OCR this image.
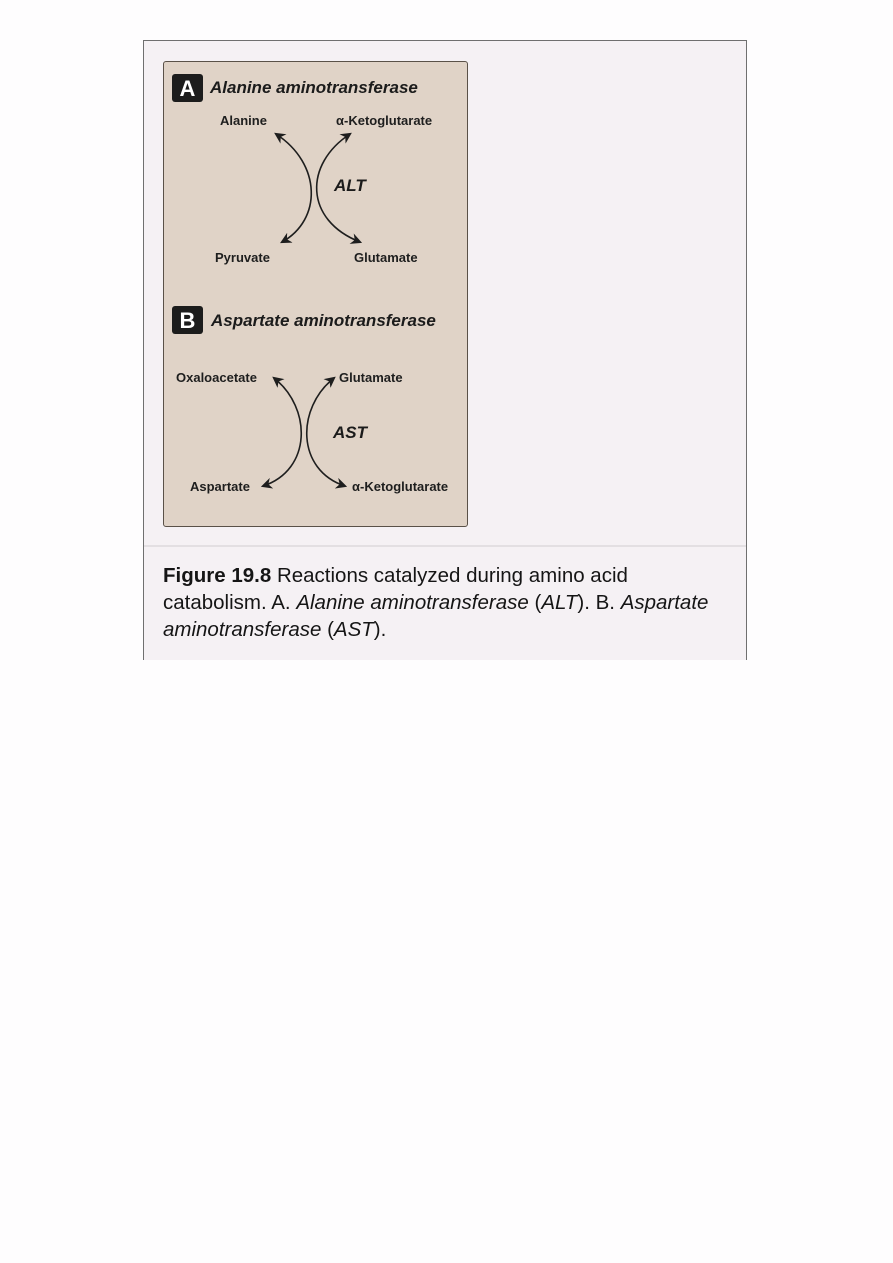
A Alanine aminotransferase
Alanine	α-Ketoglutarate
Pyruvate	Glutamate
ALT
B Aspartate aminotransferase
Oxaloacetate	Glutamate
Aspartate	α-Ketoglutarate
AST
Figure 19.8 Reactions catalyzed during amino acid catabolism. A. Alanine aminotransferase (ALT). B. Aspartate aminotransferase (AST).
